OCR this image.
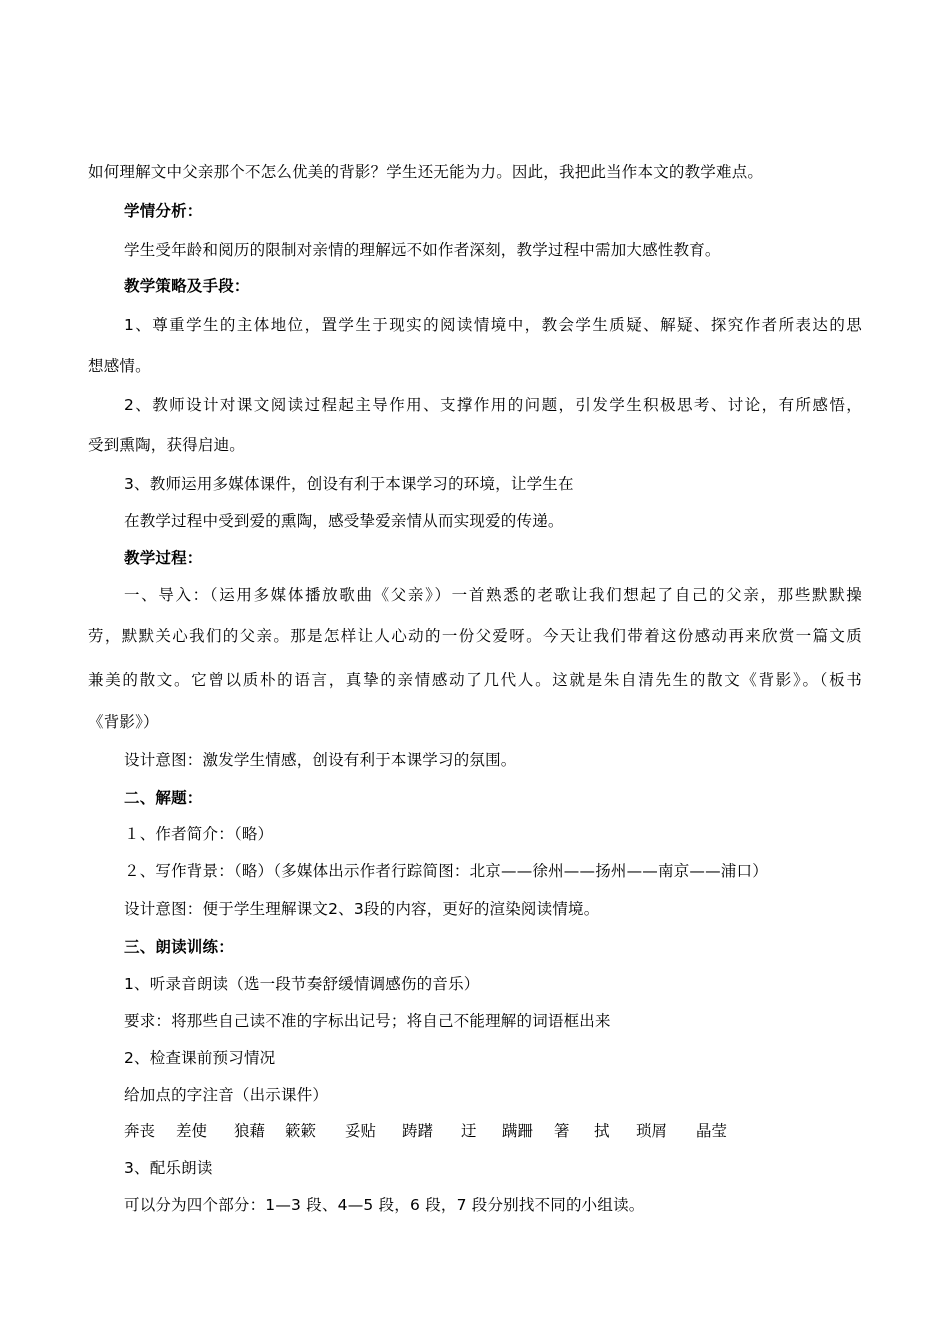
如何理解文中父亲那个不怎么优美的背影？学生还无能为力。因此，我把此当作本文的教学难点。
学情分析：
学生受年龄和阅历的限制对亲情的理解远不如作者深刻，教学过程中需加大感性教育。
教学策略及手段：
1、尊重学生的主体地位，置学生于现实的阅读情境中，教会学生质疑、解疑、探究作者所表达的思
想感情。
2、教师设计对课文阅读过程起主导作用、支撑作用的问题，引发学生积极思考、讨论，有所感悟，
受到熏陶，获得启迪。
3、教师运用多媒体课件，创设有利于本课学习的环境，让学生在
在教学过程中受到爱的熏陶，感受挚爱亲情从而实现爱的传递。
教学过程：
一、导入：（运用多媒体播放歌曲《父亲》）一首熟悉的老歌让我们想起了自己的父亲，那些默默操
劳，默默关心我们的父亲。那是怎样让人心动的一份父爱呀。今天让我们带着这份感动再来欣赏一篇文质
兼美的散文。它曾以质朴的语言，真挚的亲情感动了几代人。这就是朱自清先生的散文《背影》。（板书
《背影》）
设计意图：激发学生情感，创设有利于本课学习的氛围。
二、解题：
１、作者简介：（略）
２、写作背景：（略）（多媒体出示作者行踪简图：北京——徐州——扬州——南京——浦口）
设计意图：便于学生理解课文2、3段的内容，更好的渲染阅读情境。
三、朗读训练：
1、听录音朗读（选一段节奏舒缓情调感伤的音乐）
要求：将那些自己读不准的字标出记号；将自己不能理解的词语框出来
2、检查课前预习情况
给加点的字注音（出示课件）
奔丧 差使 狼藉 簌簌 妥贴 踌躇 迂 蹒跚 箸 拭 琐屑 晶莹
3、配乐朗读
可以分为四个部分：1—3 段、4—5 段，6 段，7 段分别找不同的小组读。
